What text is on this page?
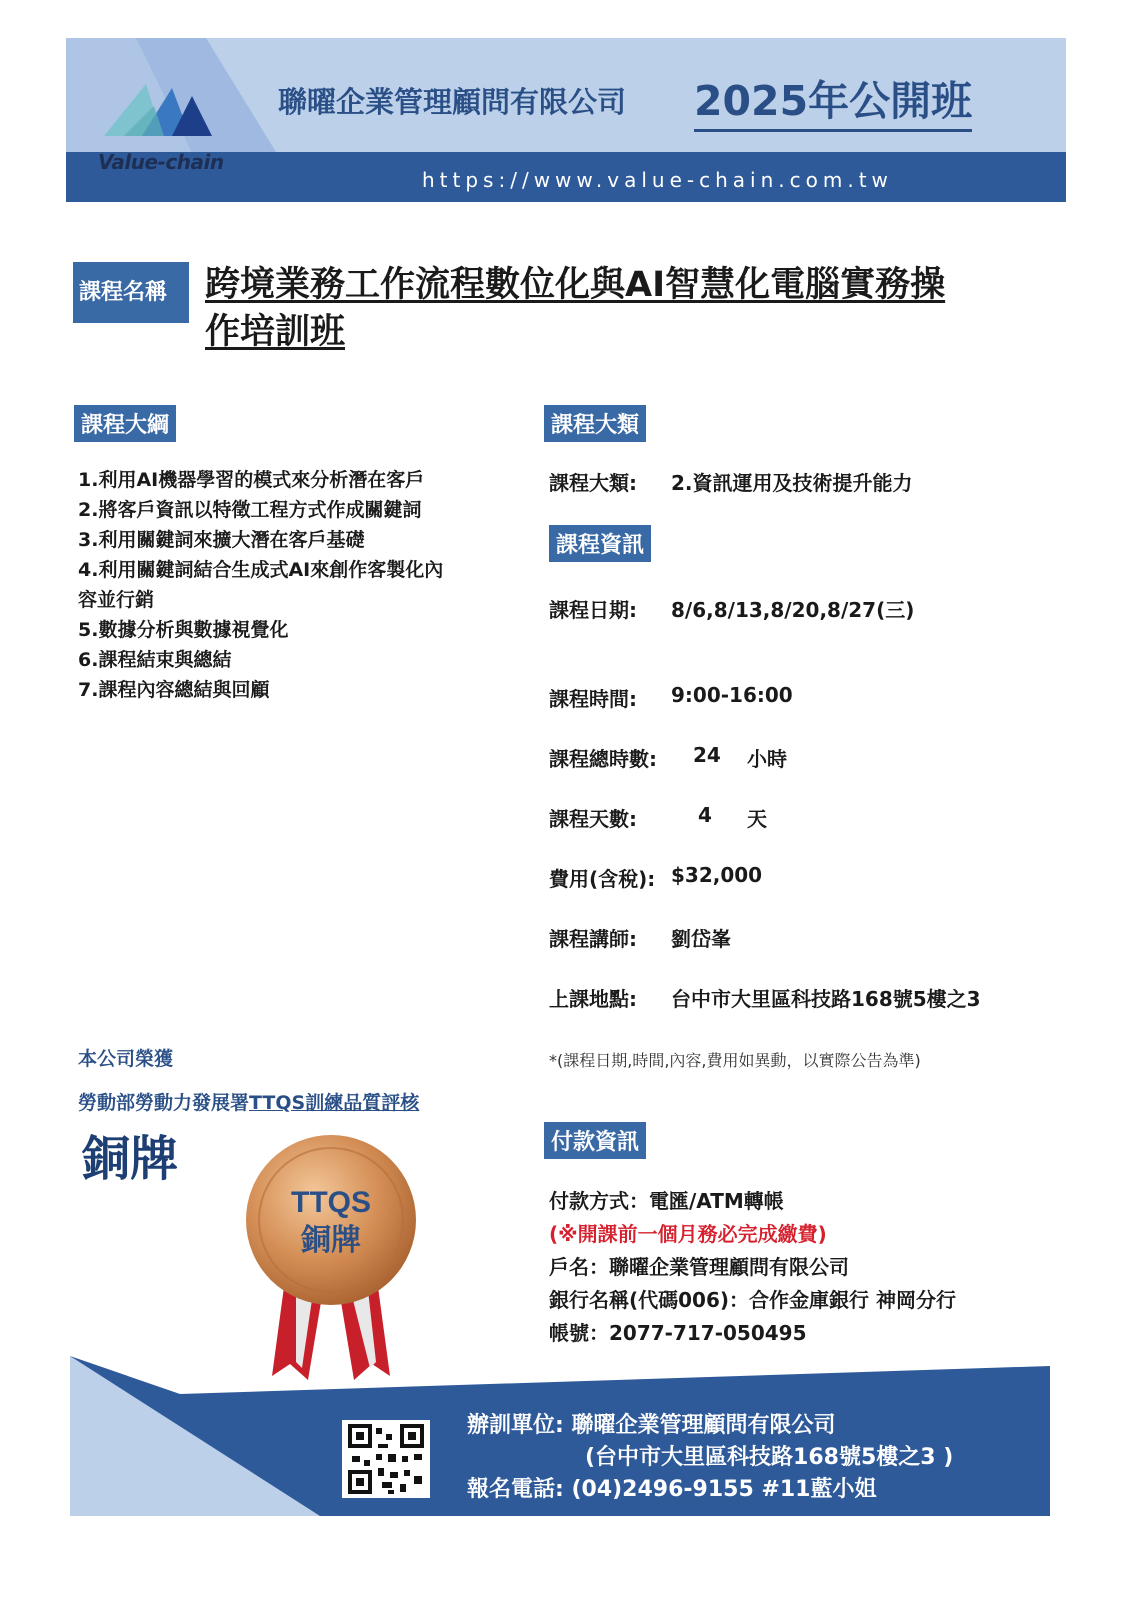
Value-chain
聯曜企業管理顧問有限公司 2025年公開班
https://www.value-chain.com.tw
課程名稱	跨境業務工作流程數位化與AI智慧化電腦實務操
作培訓班
課程大綱
1.利用AI機器學習的模式來分析潛在客戶
2.將客戶資訊以特徵工程方式作成關鍵詞
3.利用關鍵詞來擴大潛在客戶基礎
4.利用關鍵詞結合生成式AI來創作客製化內
容並行銷
5.數據分析與數據視覺化
6.課程結束與總結
7.課程內容總結與回顧
課程大類
課程大類: 2.資訊運用及技術提升能力
課程資訊
課程日期: 8/6,8/13,8/20,8/27(三)
課程時間: 9:00-16:00
課程總時數: 24 小時
課程天數:	4 天
費用(含稅): $32,000
課程講師: 劉岱峯
上課地點: 台中市大里區科技路168號5樓之3
*(課程日期,時間,內容,費用如異動，以實際公告為準)
本公司榮獲
勞動部勞動力發展署TTQS訓練品質評核
銅牌
TTQS
銅牌
付款資訊
付款方式：電匯/ATM轉帳
(※開課前一個月務必完成繳費)
戶名：聯曜企業管理顧問有限公司
銀行名稱(代碼006)：合作金庫銀行 神岡分行
帳號：2077-717-050495
辦訓單位: 聯曜企業管理顧問有限公司
(台中市大里區科技路168號5樓之3 )
報名電話: (04)2496-9155 #11藍小姐
